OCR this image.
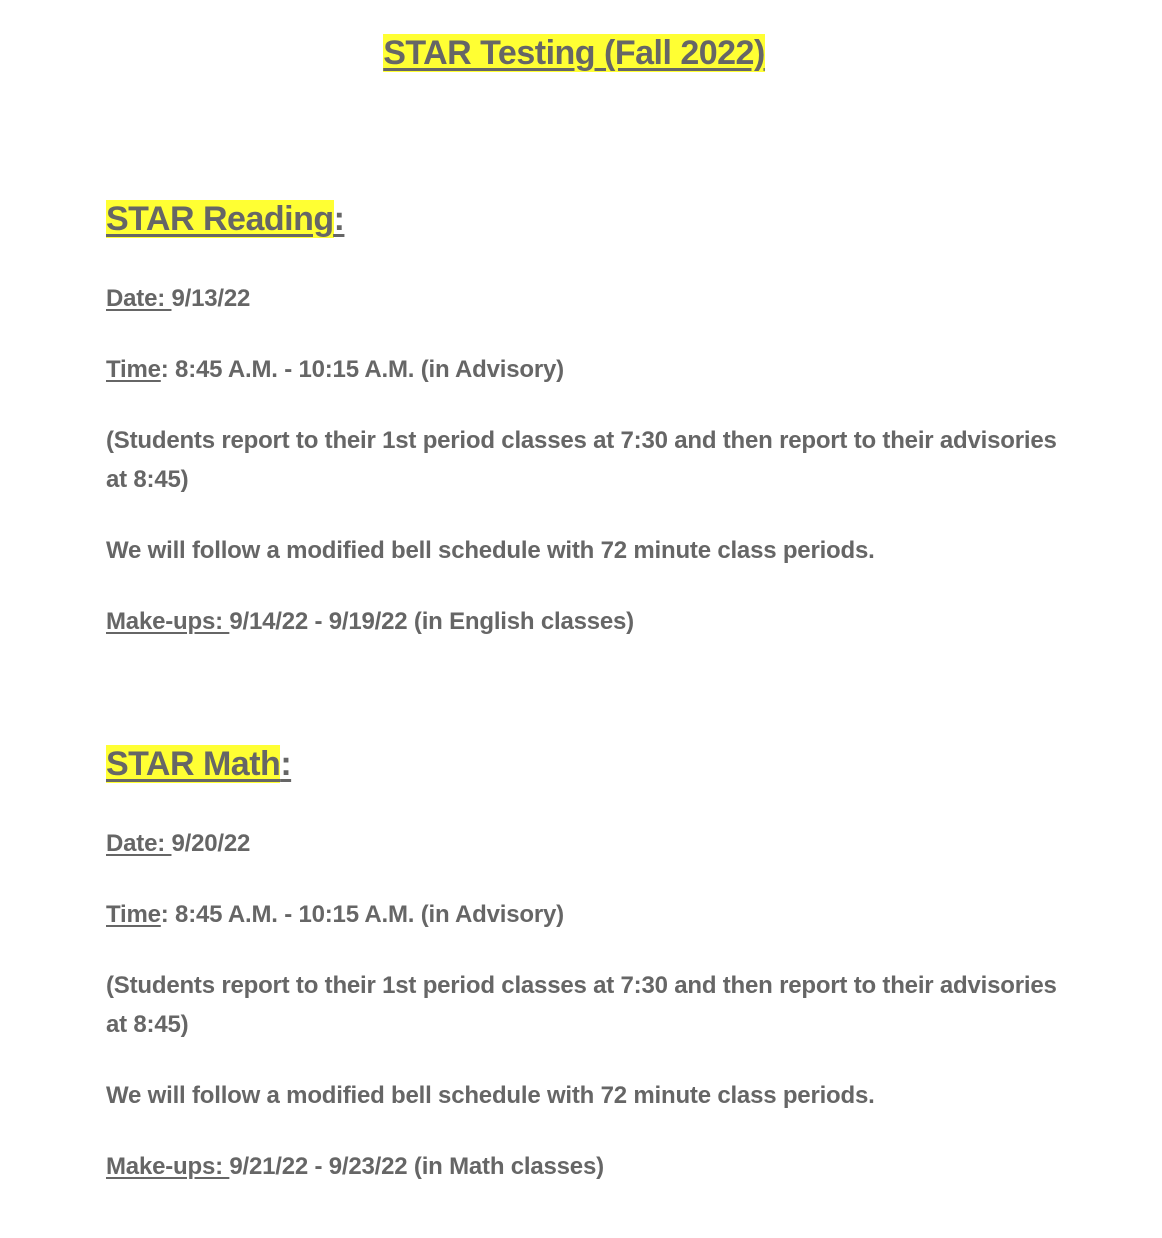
STAR Testing (Fall 2022)

STAR Reading:

Date: 9/13/22

Time: 8:45 A.M. - 10:15 A.M. (in Advisory)

(Students report to their 1st period classes at 7:30 and then report to their advisories at 8:45)

We will follow a modified bell schedule with 72 minute class periods.

Make-ups: 9/14/22 - 9/19/22 (in English classes)

STAR Math:

Date: 9/20/22

Time: 8:45 A.M. - 10:15 A.M. (in Advisory)

(Students report to their 1st period classes at 7:30 and then report to their advisories at 8:45)

We will follow a modified bell schedule with 72 minute class periods.

Make-ups: 9/21/22 - 9/23/22 (in Math classes)
